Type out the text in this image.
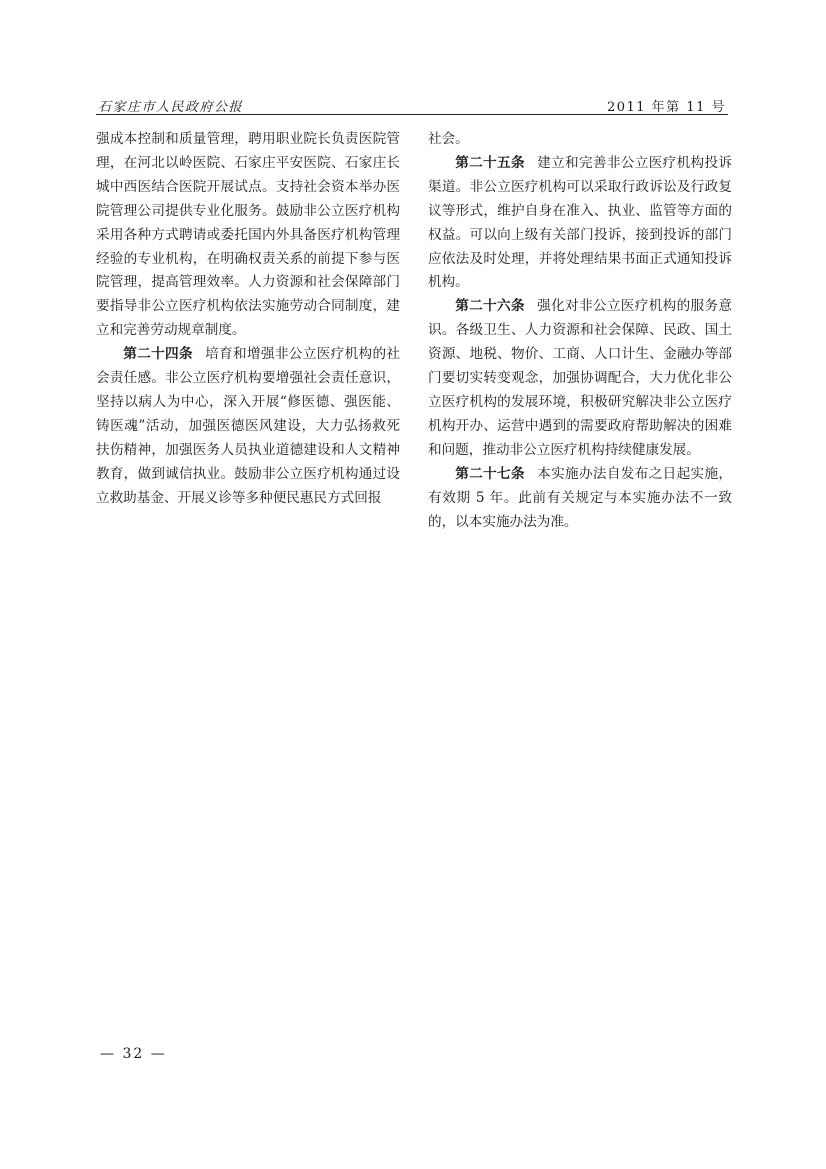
石家庄市人民政府公报	2011 年第 11 号

强成本控制和质量管理，聘用职业院长负责医院管理，在河北以岭医院、石家庄平安医院、石家庄长城中西医结合医院开展试点。支持社会资本举办医院管理公司提供专业化服务。鼓励非公立医疗机构采用各种方式聘请或委托国内外具备医疗机构管理经验的专业机构，在明确权责关系的前提下参与医院管理，提高管理效率。人力资源和社会保障部门要指导非公立医疗机构依法实施劳动合同制度，建立和完善劳动规章制度。

第二十四条 培育和增强非公立医疗机构的社会责任感。非公立医疗机构要增强社会责任意识，坚持以病人为中心，深入开展“修医德、强医能、铸医魂”活动，加强医德医风建设，大力弘扬救死扶伤精神，加强医务人员执业道德建设和人文精神教育，做到诚信执业。鼓励非公立医疗机构通过设立救助基金、开展义诊等多种便民惠民方式回报

社会。

第二十五条 建立和完善非公立医疗机构投诉渠道。非公立医疗机构可以采取行政诉讼及行政复议等形式，维护自身在准入、执业、监管等方面的权益。可以向上级有关部门投诉，接到投诉的部门应依法及时处理，并将处理结果书面正式通知投诉机构。

第二十六条 强化对非公立医疗机构的服务意识。各级卫生、人力资源和社会保障、民政、国土资源、地税、物价、工商、人口计生、金融办等部门要切实转变观念，加强协调配合，大力优化非公立医疗机构的发展环境，积极研究解决非公立医疗机构开办、运营中遇到的需要政府帮助解决的困难和问题，推动非公立医疗机构持续健康发展。

第二十七条 本实施办法自发布之日起实施，有效期 5 年。此前有关规定与本实施办法不一致的，以本实施办法为准。

— 32 —
